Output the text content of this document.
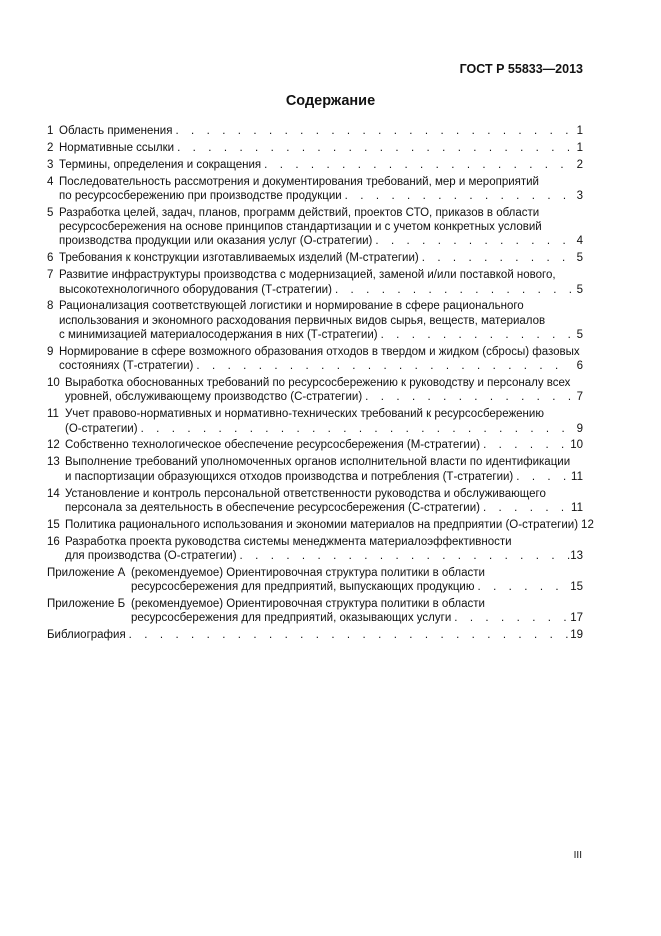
ГОСТ Р 55833—2013
Содержание
1 Область применения . . .	1
2 Нормативные ссылки . . .	1
3 Термины, определения и сокращения . . .	2
4 Последовательность рассмотрения и документирования требований, мер и мероприятий
по ресурсосбережению при производстве продукции . . .	3
5 Разработка целей, задач, планов, программ действий, проектов СТО, приказов в области
ресурсосбережения на основе принципов стандартизации и с учетом конкретных условий
производства продукции или оказания услуг (О-стратегии) . . .	4
6 Требования к конструкции изготавливаемых изделий (М-стратегии) . . .	5
7 Развитие инфраструктуры производства с модернизацией, заменой и/или поставкой нового,
высокотехнологичного оборудования (Т-стратегии) . . .	5
8 Рационализация соответствующей логистики и нормирование в сфере рационального
использования и экономного расходования первичных видов сырья, веществ, материалов
с минимизацией материалосодержания в них (Т-стратегии) . . .	5
9 Нормирование в сфере возможного образования отходов в твердом и жидком (сбросы) фазовых
состояниях (Т-стратегии) . . .	6
10 Выработка обоснованных требований по ресурсосбережению к руководству и персоналу всех
уровней, обслуживающему производство (С-стратегии) . . .	7
11 Учет правово-нормативных и нормативно-технических требований к ресурсосбережению
(О-стратегии) . . .	9
12 Собственно технологическое обеспечение ресурсосбережения (М-стратегии) . . .	10
13 Выполнение требований уполномоченных органов исполнительной власти по идентификации
и паспортизации образующихся отходов производства и потребления (Т-стратегии) . . .	11
14 Установление и контроль персональной ответственности руководства и обслуживающего
персонала за деятельность в обеспечение ресурсосбережения (С-стратегии) . . .	11
15 Политика рационального использования и экономии материалов на предприятии (О-стратегии) . . . 12
16 Разработка проекта руководства системы менеджмента материалоэффективности
для производства (О-стратегии) . . .	13
Приложение А (рекомендуемое) Ориентировочная структура политики в области
ресурсосбережения для предприятий, выпускающих продукцию . . .	15
Приложение Б (рекомендуемое) Ориентировочная структура политики в области
ресурсосбережения для предприятий, оказывающих услуги . . .	17
Библиография . . .	19
III
